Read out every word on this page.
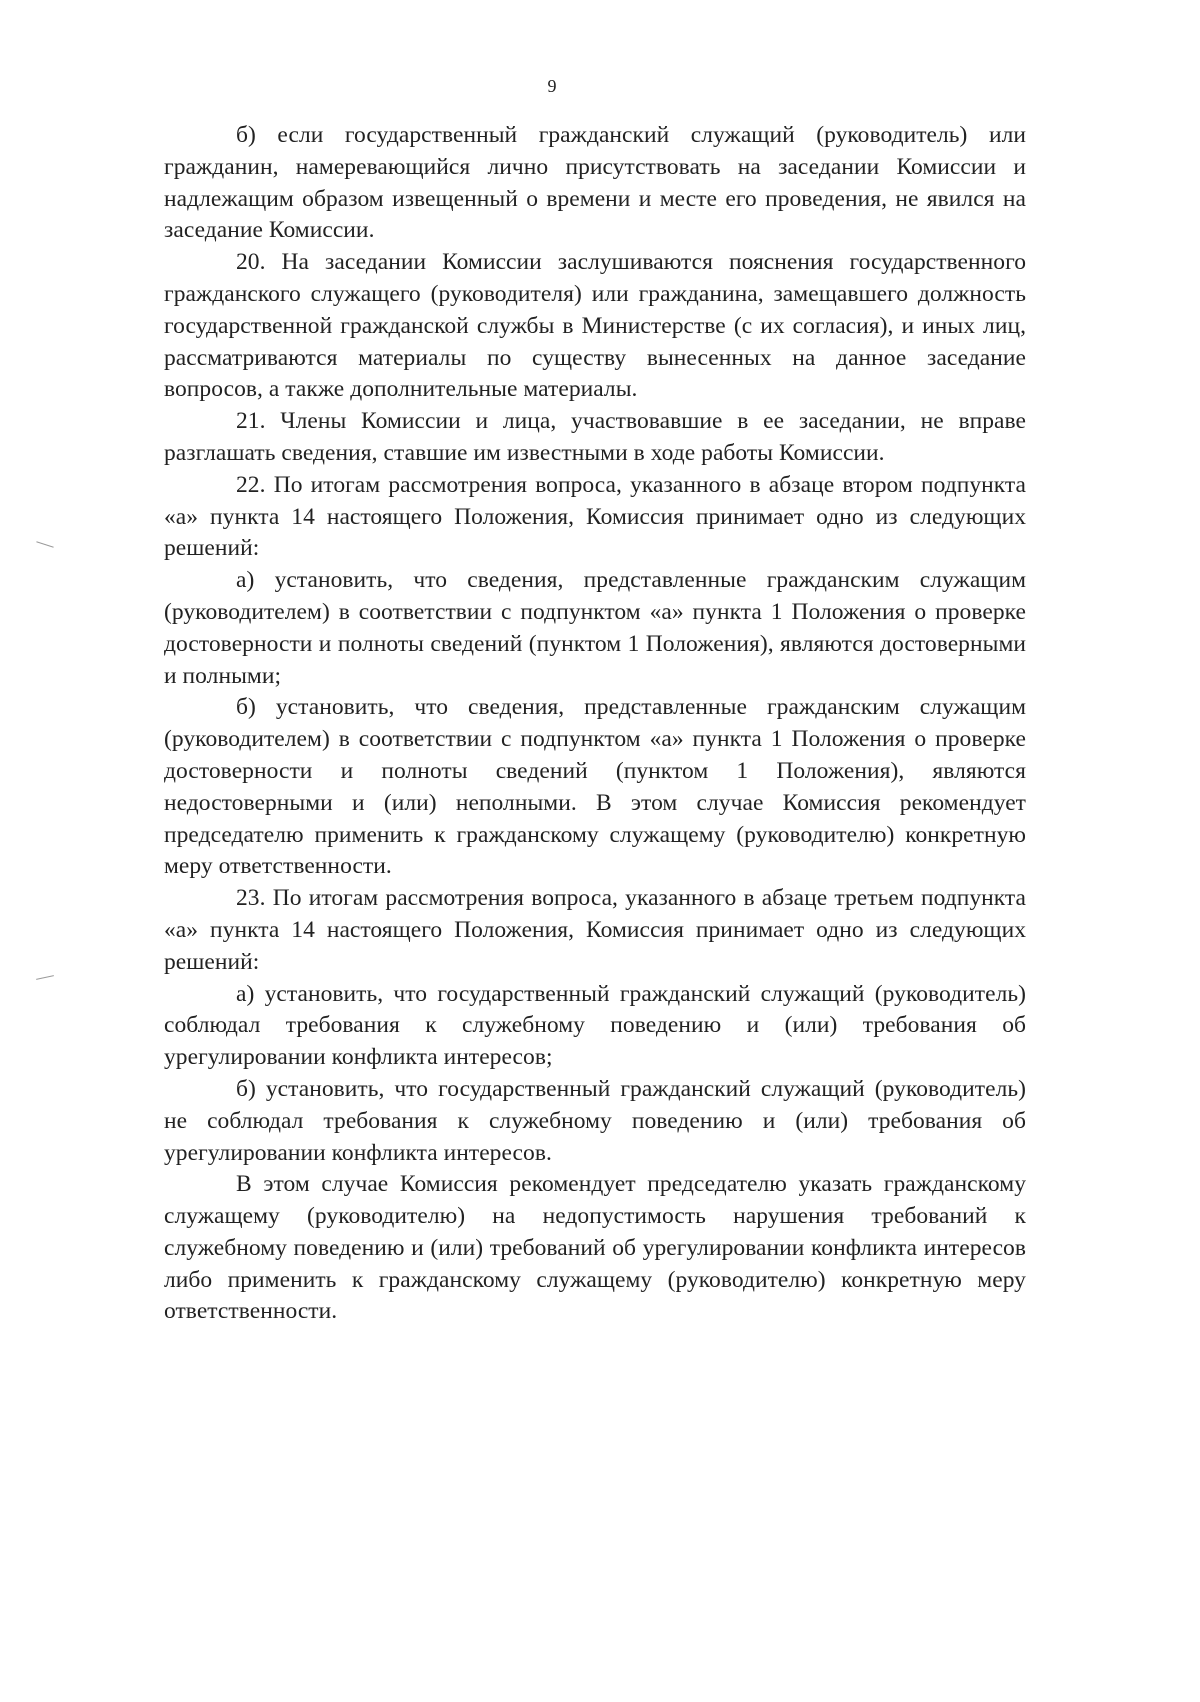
9

б) если государственный гражданский служащий (руководитель) или гражданин, намеревающийся лично присутствовать на заседании Комиссии и надлежащим образом извещенный о времени и месте его проведения, не явился на заседание Комиссии.

20. На заседании Комиссии заслушиваются пояснения государственного гражданского служащего (руководителя) или гражданина, замещавшего должность государственной гражданской службы в Министерстве (с их согласия), и иных лиц, рассматриваются материалы по существу вынесенных на данное заседание вопросов, а также дополнительные материалы.

21. Члены Комиссии и лица, участвовавшие в ее заседании, не вправе разглашать сведения, ставшие им известными в ходе работы Комиссии.

22. По итогам рассмотрения вопроса, указанного в абзаце втором подпункта «а» пункта 14 настоящего Положения, Комиссия принимает одно из следующих решений:

а) установить, что сведения, представленные гражданским служащим (руководителем) в соответствии с подпунктом «а» пункта 1 Положения о проверке достоверности и полноты сведений (пунктом 1 Положения), являются достоверными и полными;

б) установить, что сведения, представленные гражданским служащим (руководителем) в соответствии с подпунктом «а» пункта 1 Положения о проверке достоверности и полноты сведений (пунктом 1 Положения), являются недостоверными и (или) неполными. В этом случае Комиссия рекомендует председателю применить к гражданскому служащему (руководителю) конкретную меру ответственности.

23. По итогам рассмотрения вопроса, указанного в абзаце третьем подпункта «а» пункта 14 настоящего Положения, Комиссия принимает одно из следующих решений:

а) установить, что государственный гражданский служащий (руководитель) соблюдал требования к служебному поведению и (или) требования об урегулировании конфликта интересов;

б) установить, что государственный гражданский служащий (руководитель) не соблюдал требования к служебному поведению и (или) требования об урегулировании конфликта интересов.

В этом случае Комиссия рекомендует председателю указать гражданскому служащему (руководителю) на недопустимость нарушения требований к служебному поведению и (или) требований об урегулировании конфликта интересов либо применить к гражданскому служащему (руководителю) конкретную меру ответственности.
